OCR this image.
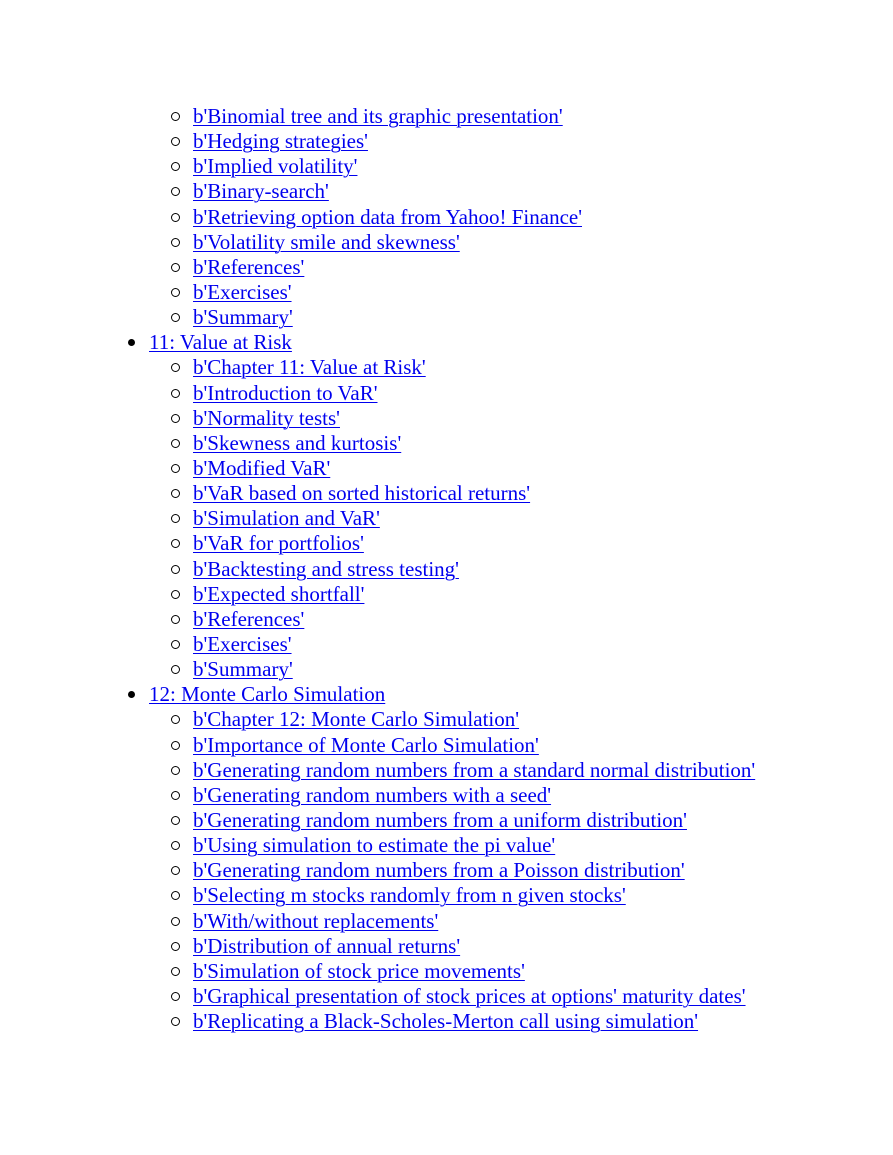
b'Binomial tree and its graphic presentation'
b'Hedging strategies'
b'Implied volatility'
b'Binary-search'
b'Retrieving option data from Yahoo! Finance'
b'Volatility smile and skewness'
b'References'
b'Exercises'
b'Summary'
11: Value at Risk
b'Chapter 11: Value at Risk'
b'Introduction to VaR'
b'Normality tests'
b'Skewness and kurtosis'
b'Modified VaR'
b'VaR based on sorted historical returns'
b'Simulation and VaR'
b'VaR for portfolios'
b'Backtesting and stress testing'
b'Expected shortfall'
b'References'
b'Exercises'
b'Summary'
12: Monte Carlo Simulation
b'Chapter 12: Monte Carlo Simulation'
b'Importance of Monte Carlo Simulation'
b'Generating random numbers from a standard normal distribution'
b'Generating random numbers with a seed'
b'Generating random numbers from a uniform distribution'
b'Using simulation to estimate the pi value'
b'Generating random numbers from a Poisson distribution'
b'Selecting m stocks randomly from n given stocks'
b'With/without replacements'
b'Distribution of annual returns'
b'Simulation of stock price movements'
b'Graphical presentation of stock prices at options' maturity dates'
b'Replicating a Black-Scholes-Merton call using simulation'
